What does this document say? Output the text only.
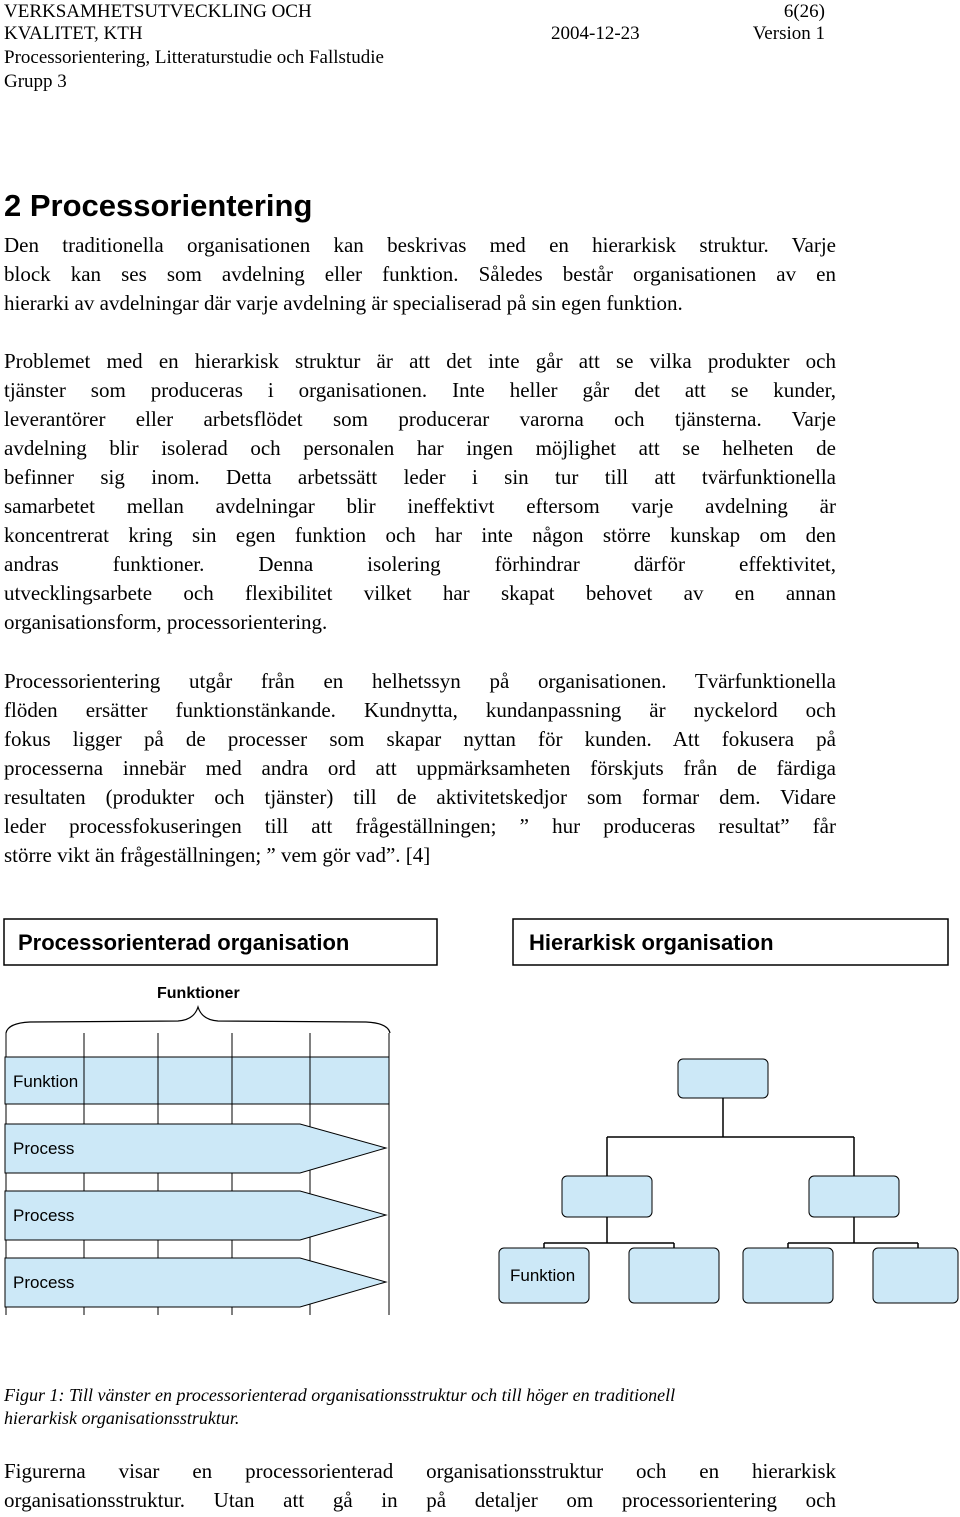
VERKSAMHETSUTVECKLING OCH	6(26)
KVALITET, KTH	2004-12-23	Version 1
Processorientering, Litteraturstudie och Fallstudie
Grupp 3
2 Processorientering
Den traditionella organisationen kan beskrivas med en hierarkisk struktur. Varje
block kan ses som avdelning eller funktion. Således består organisationen av en
hierarki av avdelningar där varje avdelning är specialiserad på sin egen funktion.
Problemet med en hierarkisk struktur är att det inte går att se vilka produkter och
tjänster som produceras i organisationen. Inte heller går det att se kunder,
leverantörer eller arbetsflödet som producerar varorna och tjänsterna. Varje
avdelning blir isolerad och personalen har ingen möjlighet att se helheten de
befinner sig inom. Detta arbetssätt leder i sin tur till att tvärfunktionella
samarbetet mellan avdelningar blir ineffektivt eftersom varje avdelning är
koncentrerat kring sin egen funktion och har inte någon större kunskap om den
andras funktioner. Denna isolering förhindrar därför effektivitet,
utvecklingsarbete och flexibilitet vilket har skapat behovet av en annan
organisationsform, processorientering.
Processorientering utgår från en helhetssyn på organisationen. Tvärfunktionella
flöden ersätter funktionstänkande. Kundnytta, kundanpassning är nyckelord och
fokus ligger på de processer som skapar nyttan för kunden. Att fokusera på
processerna innebär med andra ord att uppmärksamheten förskjuts från de färdiga
resultaten (produkter och tjänster) till de aktivitetskedjor som formar dem. Vidare
leder processfokuseringen till att frågeställningen; ” hur produceras resultat” får
större vikt än frågeställningen; ” vem gör vad”. [4]
Processorienterad organisation	Hierarkisk organisation
Funktioner
Funktion
Process
Process
Process	Funktion
Figur 1: Till vänster en processorienterad organisationsstruktur och till höger en traditionell
hierarkisk organisationsstruktur.
Figurerna visar en processorienterad organisationsstruktur och en hierarkisk
organisationsstruktur. Utan att gå in på detaljer om processorientering och
